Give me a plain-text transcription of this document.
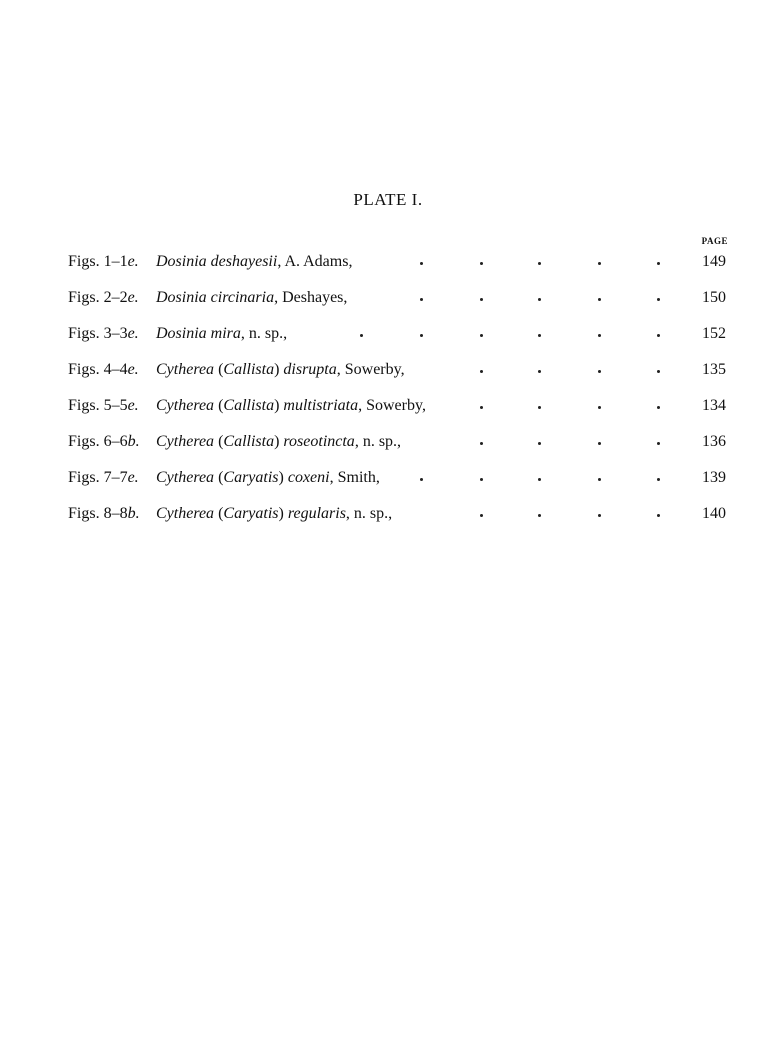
PLATE I.
PAGE
Figs. 1–1e. Dosinia deshayesii, A. Adams,	149
Figs. 2–2e. Dosinia circinaria, Deshayes,	150
Figs. 3–3e. Dosinia mira, n. sp.,	152
Figs. 4–4e. Cytherea (Callista) disrupta, Sowerby,	135
Figs. 5–5e. Cytherea (Callista) multistriata, Sowerby,	134
Figs. 6–6b. Cytherea (Callista) roseotincta, n. sp.,	136
Figs. 7–7e. Cytherea (Caryatis) coxeni, Smith,	139
Figs. 8–8b. Cytherea (Caryatis) regularis, n. sp.,	140
